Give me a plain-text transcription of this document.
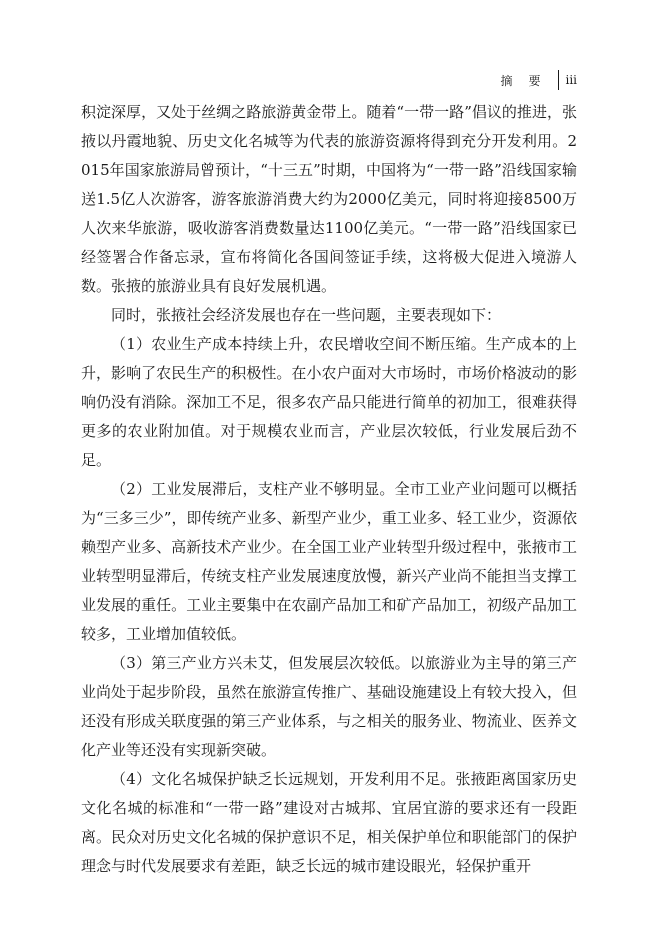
摘要 iii

积淀深厚，又处于丝绸之路旅游黄金带上。随着“一带一路”倡议的推进，张掖以丹霞地貌、历史文化名城等为代表的旅游资源将得到充分开发利用。2015年国家旅游局曾预计，“十三五”时期，中国将为“一带一路”沿线国家输送1.5亿人次游客，游客旅游消费大约为2000亿美元，同时将迎接8500万人次来华旅游，吸收游客消费数量达1100亿美元。“一带一路”沿线国家已经签署合作备忘录，宣布将简化各国间签证手续，这将极大促进入境游人数。张掖的旅游业具有良好发展机遇。

同时，张掖社会经济发展也存在一些问题，主要表现如下：

（1）农业生产成本持续上升，农民增收空间不断压缩。生产成本的上升，影响了农民生产的积极性。在小农户面对大市场时，市场价格波动的影响仍没有消除。深加工不足，很多农产品只能进行简单的初加工，很难获得更多的农业附加值。对于规模农业而言，产业层次较低，行业发展后劲不足。

（2）工业发展滞后，支柱产业不够明显。全市工业产业问题可以概括为“三多三少”，即传统产业多、新型产业少，重工业多、轻工业少，资源依赖型产业多、高新技术产业少。在全国工业产业转型升级过程中，张掖市工业转型明显滞后，传统支柱产业发展速度放慢，新兴产业尚不能担当支撑工业发展的重任。工业主要集中在农副产品加工和矿产品加工，初级产品加工较多，工业增加值较低。

（3）第三产业方兴未艾，但发展层次较低。以旅游业为主导的第三产业尚处于起步阶段，虽然在旅游宣传推广、基础设施建设上有较大投入，但还没有形成关联度强的第三产业体系，与之相关的服务业、物流业、医养文化产业等还没有实现新突破。

（4）文化名城保护缺乏长远规划，开发利用不足。张掖距离国家历史文化名城的标准和“一带一路”建设对古城邦、宜居宜游的要求还有一段距离。民众对历史文化名城的保护意识不足，相关保护单位和职能部门的保护理念与时代发展要求有差距，缺乏长远的城市建设眼光，轻保护重开
